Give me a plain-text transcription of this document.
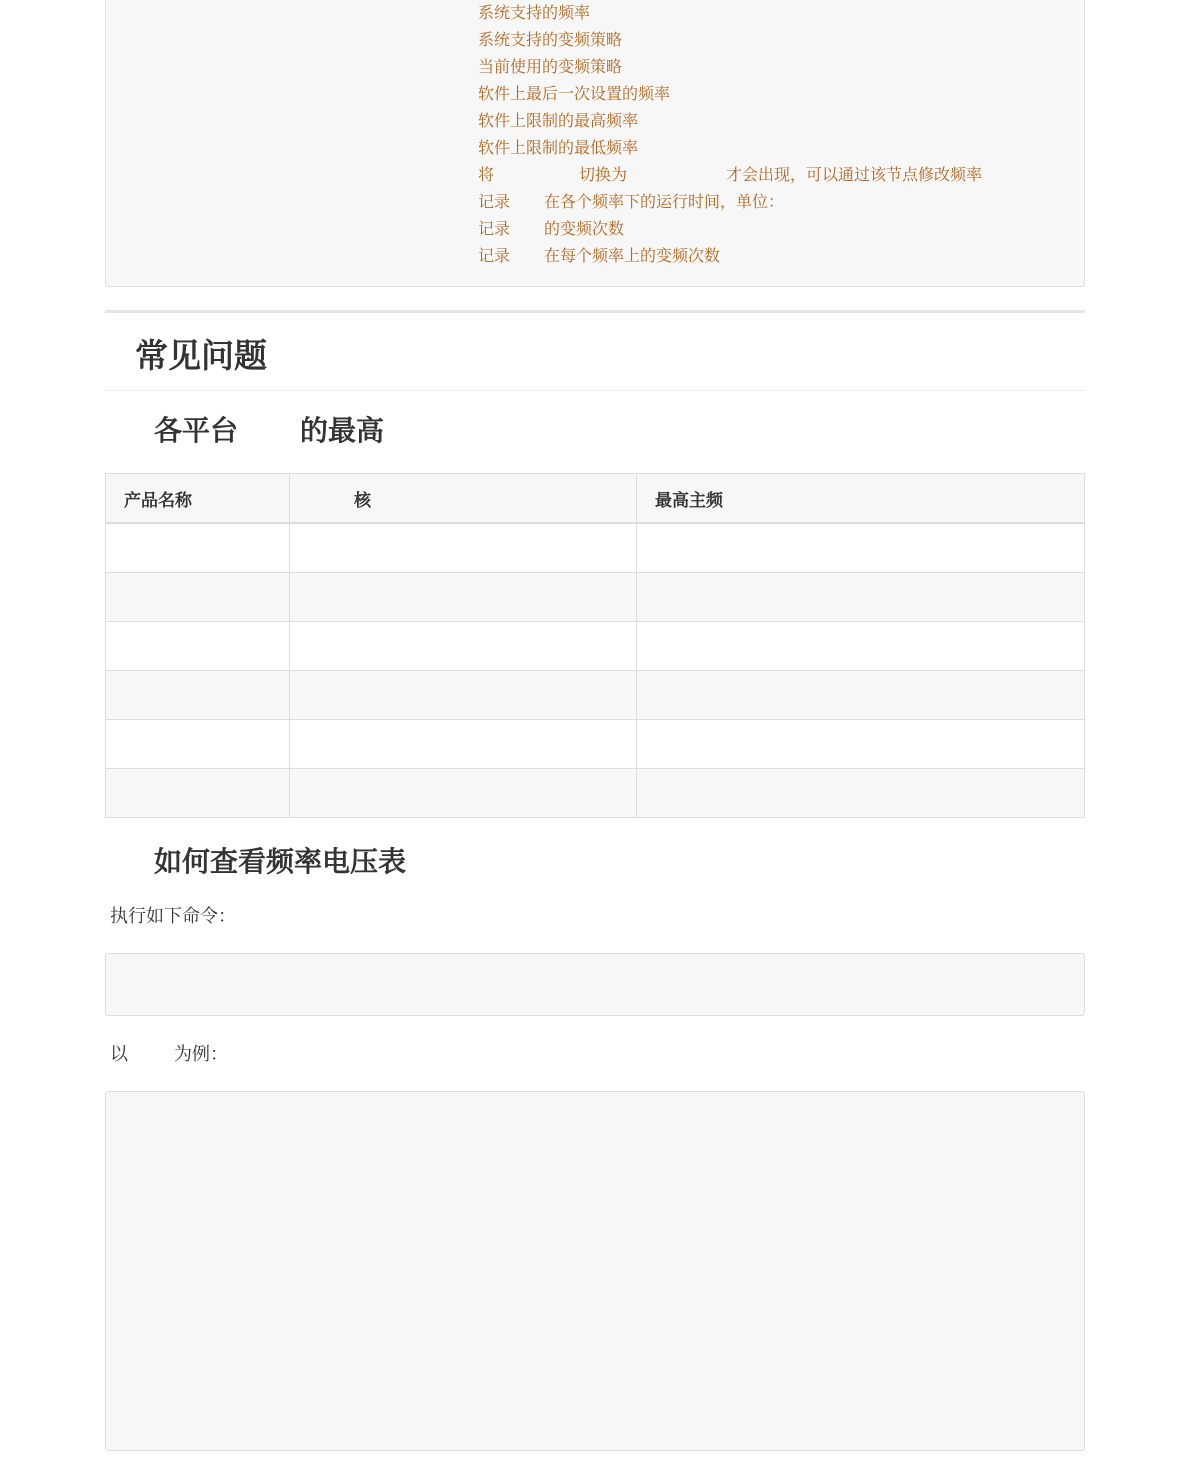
系统支持的频率
系统支持的变频策略
当前使用的变频策略
软件上最后一次设置的频率
软件上限制的最高频率
软件上限制的最低频率
将	切换为	才会出现，可以通过该节点修改频率
记录 在各个频率下的运行时间，单位：
记录 的变频次数
记录 在每个频率上的变频次数
常见问题
各平台 的最高
产品名称	核	最高主频

如何查看频率电压表
执行如下命令：
以	为例：
